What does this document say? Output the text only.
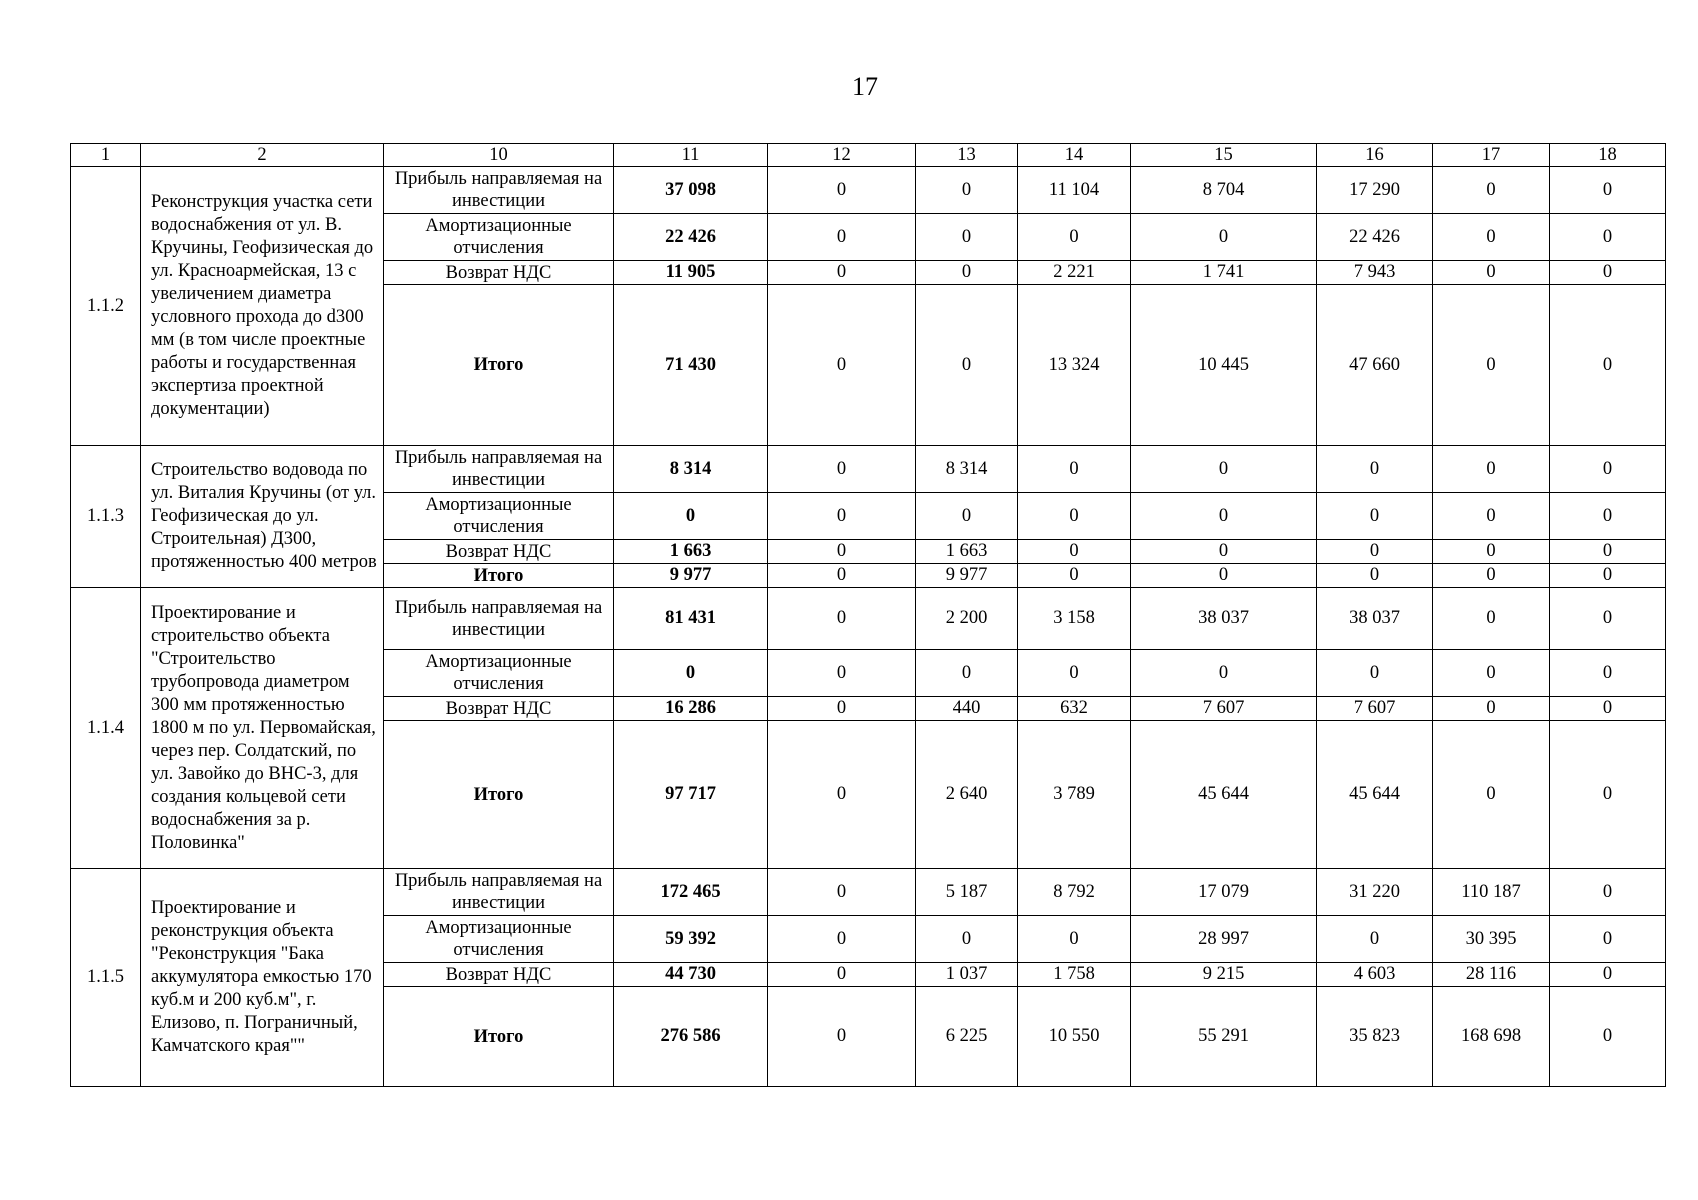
17
1	2	10	11	12	13	14	15	16	17	18
1.1.2	Реконструкция участка сети водоснабжения от ул. В. Кручины, Геофизическая до ул. Красноармейская, 13 с увеличением диаметра условного прохода до d300 мм (в том числе проектные работы и государственная экспертиза проектной документации)	Прибыль направляемая на инвестиции	37 098	0	0	11 104	8 704	17 290	0	0
		Амортизационные отчисления	22 426	0	0	0	0	22 426	0	0
		Возврат НДС	11 905	0	0	2 221	1 741	7 943	0	0
		Итого	71 430	0	0	13 324	10 445	47 660	0	0
1.1.3	Строительство водовода по ул. Виталия Кручины (от ул. Геофизическая до ул. Строительная) Д300, протяженностью 400 метров	Прибыль направляемая на инвестиции	8 314	0	8 314	0	0	0	0	0
		Амортизационные отчисления	0	0	0	0	0	0	0	0
		Возврат НДС	1 663	0	1 663	0	0	0	0	0
		Итого	9 977	0	9 977	0	0	0	0	0
1.1.4	Проектирование и строительство объекта "Строительство трубопровода диаметром 300 мм протяженностью 1800 м по ул. Первомайская, через пер. Солдатский, по ул. Завойко до ВНС-3, для создания кольцевой сети водоснабжения за р. Половинка"	Прибыль направляемая на инвестиции	81 431	0	2 200	3 158	38 037	38 037	0	0
		Амортизационные отчисления	0	0	0	0	0	0	0	0
		Возврат НДС	16 286	0	440	632	7 607	7 607	0	0
		Итого	97 717	0	2 640	3 789	45 644	45 644	0	0
1.1.5	Проектирование и реконструкция объекта "Реконструкция "Бака аккумулятора емкостью 170 куб.м и 200 куб.м", г. Елизово, п. Пограничный, Камчатского края""	Прибыль направляемая на инвестиции	172 465	0	5 187	8 792	17 079	31 220	110 187	0
		Амортизационные отчисления	59 392	0	0	0	28 997	0	30 395	0
		Возврат НДС	44 730	0	1 037	1 758	9 215	4 603	28 116	0
		Итого	276 586	0	6 225	10 550	55 291	35 823	168 698	0
